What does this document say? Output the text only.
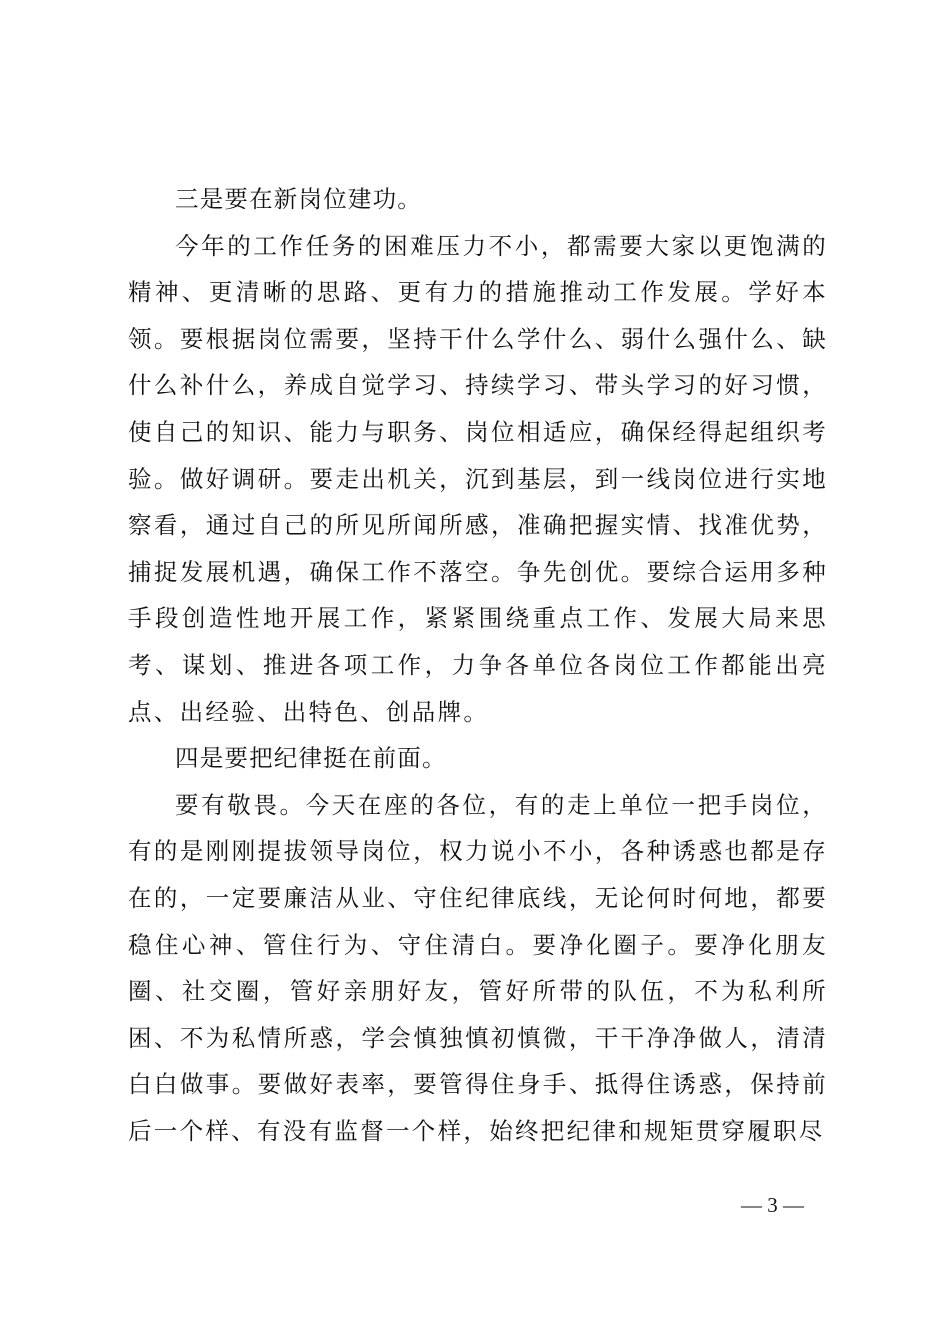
三是要在新岗位建功。

今年的工作任务的困难压力不小，都需要大家以更饱满的精神、更清晰的思路、更有力的措施推动工作发展。学好本领。要根据岗位需要，坚持干什么学什么、弱什么强什么、缺什么补什么，养成自觉学习、持续学习、带头学习的好习惯，使自己的知识、能力与职务、岗位相适应，确保经得起组织考验。做好调研。要走出机关，沉到基层，到一线岗位进行实地察看，通过自己的所见所闻所感，准确把握实情、找准优势，捕捉发展机遇，确保工作不落空。争先创优。要综合运用多种手段创造性地开展工作，紧紧围绕重点工作、发展大局来思考、谋划、推进各项工作，力争各单位各岗位工作都能出亮点、出经验、出特色、创品牌。

四是要把纪律挺在前面。

要有敬畏。今天在座的各位，有的走上单位一把手岗位，有的是刚刚提拔领导岗位，权力说小不小，各种诱惑也都是存在的，一定要廉洁从业、守住纪律底线，无论何时何地，都要稳住心神、管住行为、守住清白。要净化圈子。要净化朋友圈、社交圈，管好亲朋好友，管好所带的队伍，不为私利所困、不为私情所惑，学会慎独慎初慎微，干干净净做人，清清白白做事。要做好表率，要管得住身手、抵得住诱惑，保持前后一个样、有没有监督一个样，始终把纪律和规矩贯穿履职尽

— 3 —
